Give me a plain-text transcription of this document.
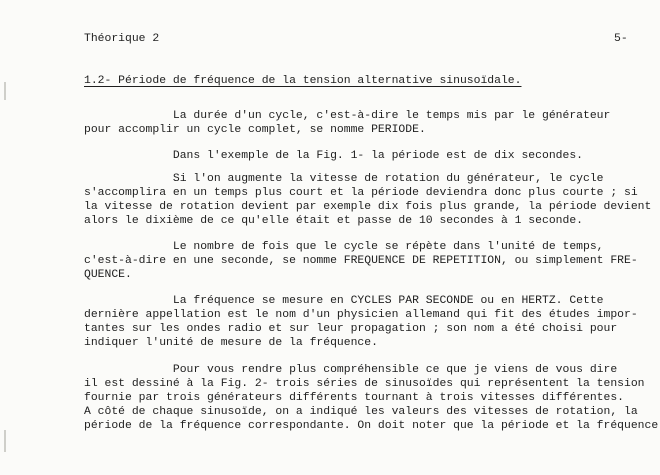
Théorique 2	5-
1.2- Période de fréquence de la tension alternative sinusoïdale.
La durée d'un cycle, c'est-à-dire le temps mis par le générateur
pour accomplir un cycle complet, se nomme PERIODE.
Dans l'exemple de la Fig. 1- la période est de dix secondes.
Si l'on augmente la vitesse de rotation du générateur, le cycle
s'accomplira en un temps plus court et la période deviendra donc plus courte ; si
la vitesse de rotation devient par exemple dix fois plus grande, la période devient
alors le dixième de ce qu'elle était et passe de 10 secondes à 1 seconde.
Le nombre de fois que le cycle se répète dans l'unité de temps,
c'est-à-dire en une seconde, se nomme FREQUENCE DE REPETITION, ou simplement FRE-
QUENCE.
La fréquence se mesure en CYCLES PAR SECONDE ou en HERTZ. Cette
dernière appellation est le nom d'un physicien allemand qui fit des études impor-
tantes sur les ondes radio et sur leur propagation ; son nom a été choisi pour
indiquer l'unité de mesure de la fréquence.
Pour vous rendre plus compréhensible ce que je viens de vous dire
il est dessiné à la Fig. 2- trois séries de sinusoïdes qui représentent la tension
fournie par trois générateurs différents tournant à trois vitesses différentes.
A côté de chaque sinusoïde, on a indiqué les valeurs des vitesses de rotation, la
période de la fréquence correspondante. On doit noter que la période et la fréquence
